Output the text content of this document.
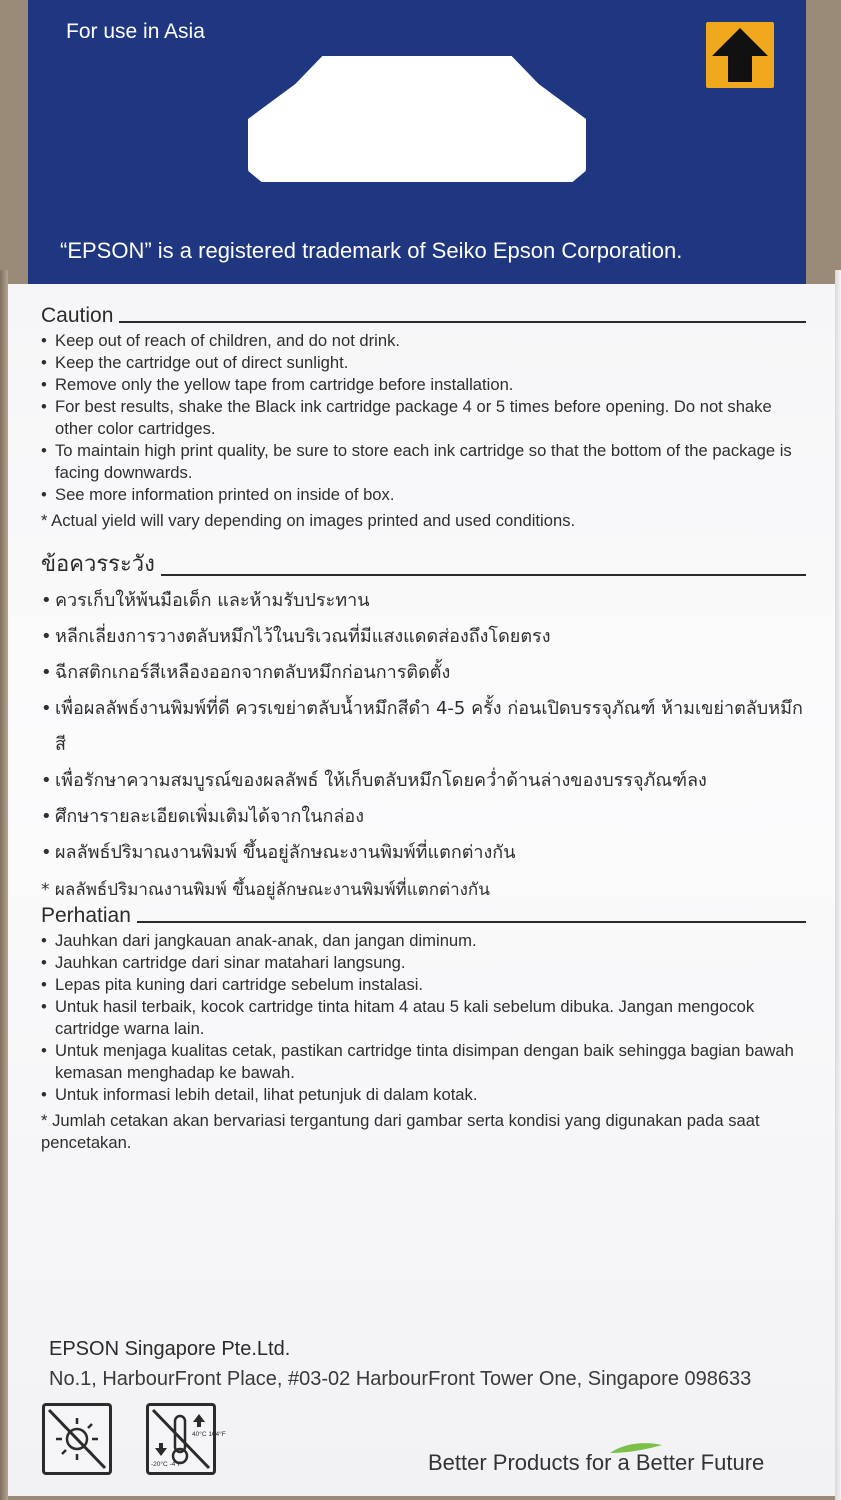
For use in Asia
“EPSON” is a registered trademark of Seiko Epson Corporation.
Caution
• Keep out of reach of children, and do not drink.
• Keep the cartridge out of direct sunlight.
• Remove only the yellow tape from cartridge before installation.
• For best results, shake the Black ink cartridge package 4 or 5 times before opening. Do not shake other color cartridges.
• To maintain high print quality, be sure to store each ink cartridge so that the bottom of the package is facing downwards.
• See more information printed on inside of box.
* Actual yield will vary depending on images printed and used conditions.
ข้อควรระวัง
• ควรเก็บให้พ้นมือเด็ก และห้ามรับประทาน
• หลีกเลี่ยงการวางตลับหมึกไว้ในบริเวณที่มีแสงแดดส่องถึงโดยตรง
• ฉีกสติกเกอร์สีเหลืองออกจากตลับหมึกก่อนการติดตั้ง
• เพื่อผลลัพธ์งานพิมพ์ที่ดี ควรเขย่าตลับน้ำหมึกสีดำ 4-5 ครั้ง ก่อนเปิดบรรจุภัณฑ์ ห้ามเขย่าตลับหมึกสี
• เพื่อรักษาความสมบูรณ์ของผลลัพธ์ ให้เก็บตลับหมึกโดยคว่ำด้านล่างของบรรจุภัณฑ์ลง
• ศึกษารายละเอียดเพิ่มเติมได้จากในกล่อง
• ผลลัพธ์ปริมาณงานพิมพ์ ขึ้นอยู่ลักษณะงานพิมพ์ที่แตกต่างกัน
* ผลลัพธ์ปริมาณงานพิมพ์ ขึ้นอยู่ลักษณะงานพิมพ์ที่แตกต่างกัน
Perhatian
• Jauhkan dari jangkauan anak-anak, dan jangan diminum.
• Jauhkan cartridge dari sinar matahari langsung.
• Lepas pita kuning dari cartridge sebelum instalasi.
• Untuk hasil terbaik, kocok cartridge tinta hitam 4 atau 5 kali sebelum dibuka. Jangan mengocok cartridge warna lain.
• Untuk menjaga kualitas cetak, pastikan cartridge tinta disimpan dengan baik sehingga bagian bawah kemasan menghadap ke bawah.
• Untuk informasi lebih detail, lihat petunjuk di dalam kotak.
* Jumlah cetakan akan bervariasi tergantung dari gambar serta kondisi yang digunakan pada saat pencetakan.
EPSON Singapore Pte.Ltd.
No.1, HarbourFront Place, #03-02 HarbourFront Tower One, Singapore 098633
40°C 104°F
-20°C -4°F	Better Products for a Better Future
